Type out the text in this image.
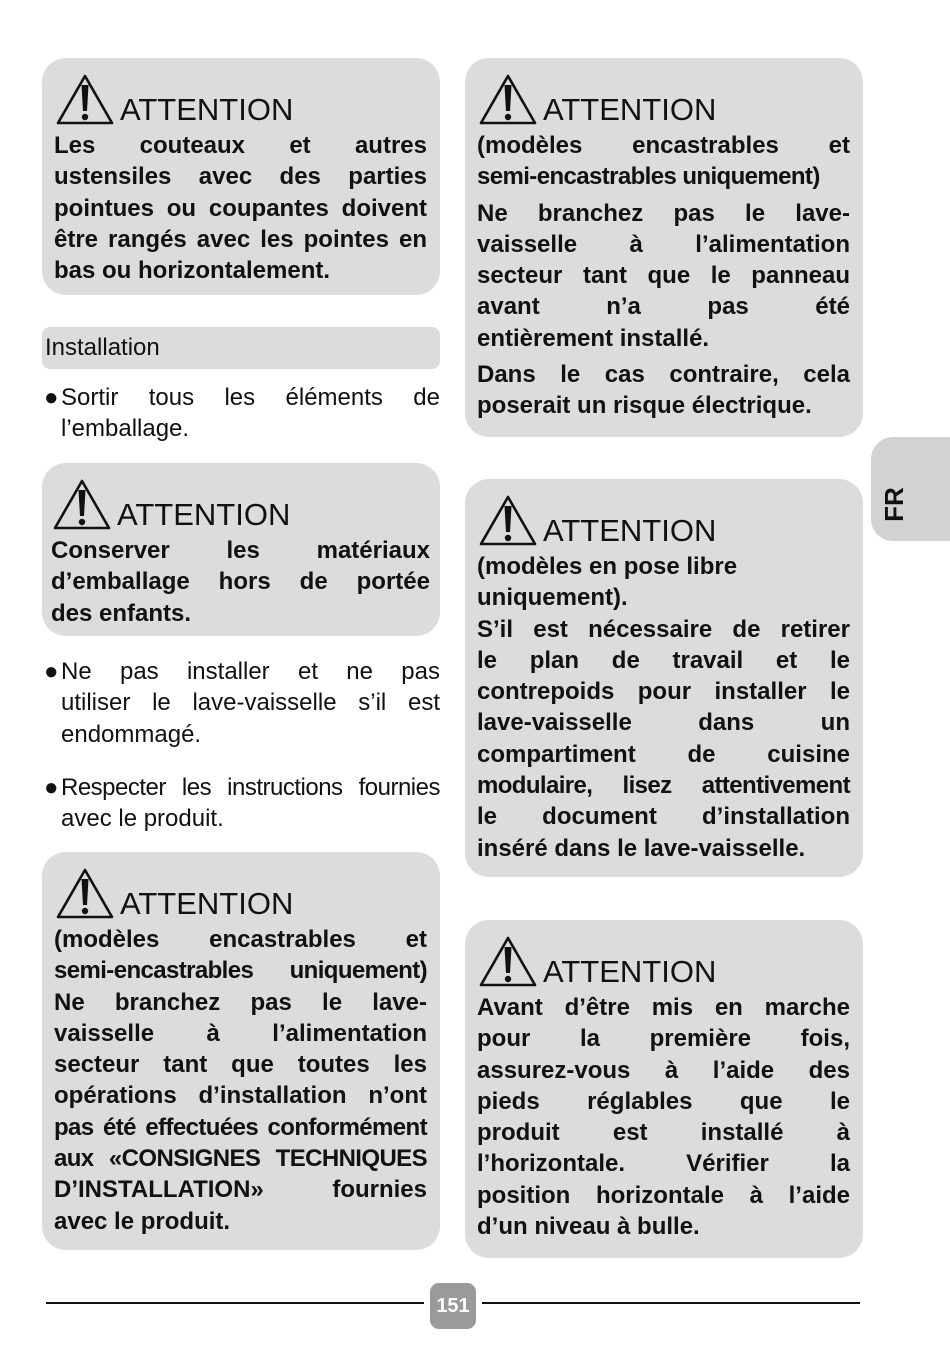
ATTENTION

Les couteaux et autres

ustensiles avec des parties

pointues ou coupantes doivent

être rangés avec les pointes en

bas ou horizontalement.

Installation
● Sortir tous les éléments de

l’emballage.

ATTENTION

Conserver les matériaux

d’emballage hors de portée

des enfants.

● Ne pas installer et ne pas

utiliser le lave-vaisselle s’il est

endommagé.

● Respecter les instructions fournies

avec le produit.

ATTENTION

(modèles encastrables et

semi-encastrables uniquement)

Ne branchez pas le lave-

vaisselle à l’alimentation

secteur tant que toutes les

opérations d’installation n’ont

pas été effectuées conformément

aux «CONSIGNES TECHNIQUES

D’INSTALLATION» fournies

avec le produit.

ATTENTION

(modèles encastrables et

semi-encastrables uniquement)

Ne branchez pas le lave-

vaisselle à l’alimentation

secteur tant que le panneau

avant n’a pas été

entièrement installé.

Dans le cas contraire, cela

poserait un risque électrique.

ATTENTION

(modèles en pose libre

uniquement).

S’il est nécessaire de retirer

le plan de travail et le

contrepoids pour installer le

lave-vaisselle dans un

compartiment de cuisine

modulaire, lisez attentivement

le document d’installation

inséré dans le lave-vaisselle.

ATTENTION

Avant d’être mis en marche

pour la première fois,

assurez-vous à l’aide des

pieds réglables que le

produit est installé à

l’horizontale. Vérifier la

position horizontale à l’aide

d’un niveau à bulle.

FR
151
